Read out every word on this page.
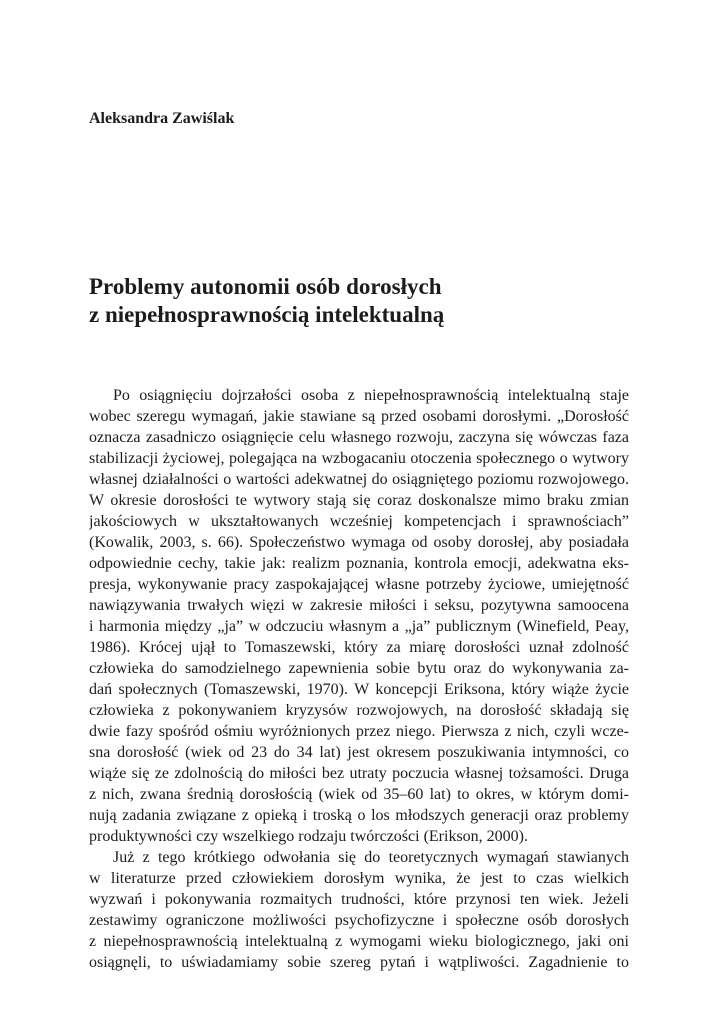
Aleksandra Zawiślak

Problemy autonomii osób dorosłych
z niepełnosprawnością intelektualną
Po osiągnięciu dojrzałości osoba z niepełnosprawnością intelektualną staje
wobec szeregu wymagań, jakie stawiane są przed osobami dorosłymi. „Dorosłość
oznacza zasadniczo osiągnięcie celu własnego rozwoju, zaczyna się wówczas faza
stabilizacji życiowej, polegająca na wzbogacaniu otoczenia społecznego o wytwory
własnej działalności o wartości adekwatnej do osiągniętego poziomu rozwojowego.
W okresie dorosłości te wytwory stają się coraz doskonalsze mimo braku zmian
jakościowych w ukształtowanych wcześniej kompetencjach i sprawnościach”
(Kowalik, 2003, s. 66). Społeczeństwo wymaga od osoby dorosłej, aby posiadała
odpowiednie cechy, takie jak: realizm poznania, kontrola emocji, adekwatna eks-
presja, wykonywanie pracy zaspokajającej własne potrzeby życiowe, umiejętność
nawiązywania trwałych więzi w zakresie miłości i seksu, pozytywna samoocena
i harmonia między „ja” w odczuciu własnym a „ja” publicznym (Winefield, Peay,
1986). Krócej ujął to Tomaszewski, który za miarę dorosłości uznał zdolność
człowieka do samodzielnego zapewnienia sobie bytu oraz do wykonywania za-
dań społecznych (Tomaszewski, 1970). W koncepcji Eriksona, który wiąże życie
człowieka z pokonywaniem kryzysów rozwojowych, na dorosłość składają się
dwie fazy spośród ośmiu wyróżnionych przez niego. Pierwsza z nich, czyli wcze-
sna dorosłość (wiek od 23 do 34 lat) jest okresem poszukiwania intymności, co
wiąże się ze zdolnością do miłości bez utraty poczucia własnej tożsamości. Druga
z nich, zwana średnią dorosłością (wiek od 35–60 lat) to okres, w którym domi-
nują zadania związane z opieką i troską o los młodszych generacji oraz problemy
produktywności czy wszelkiego rodzaju twórczości (Erikson, 2000).
Już z tego krótkiego odwołania się do teoretycznych wymagań stawianych
w literaturze przed człowiekiem dorosłym wynika, że jest to czas wielkich
wyzwań i pokonywania rozmaitych trudności, które przynosi ten wiek. Jeżeli
zestawimy ograniczone możliwości psychofizyczne i społeczne osób dorosłych
z niepełnosprawnością intelektualną z wymogami wieku biologicznego, jaki oni
osiągnęli, to uświadamiamy sobie szereg pytań i wątpliwości. Zagadnienie to
